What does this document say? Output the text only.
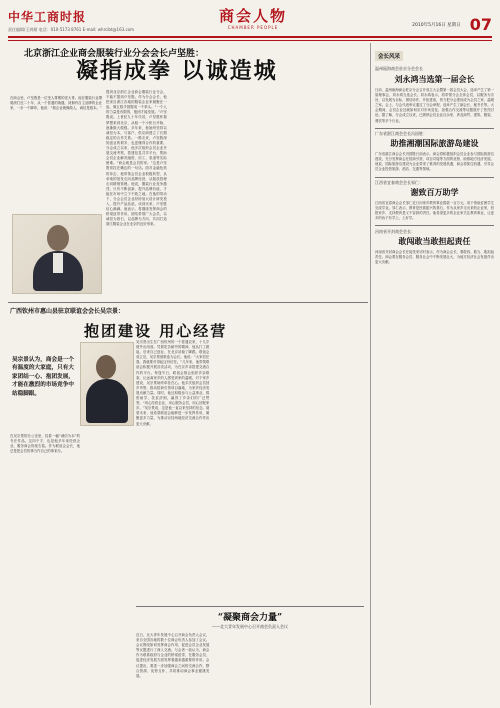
中华工商时报
责任编辑/王鸿雁 电话：010-5173 8761 E-mail: whrcibt@163.com
商会人物
CHAMBER PEOPLE	2010年5月16日 星期日 07
北京浙江企业商会服装行业分会会长卢坚胜：
凝指成拳 以诚造城

在商会里，卢坚胜是一位受人尊敬的老大哥。他在服装行业摸爬滚打近二十年，从一个普通的裁缝，到拥有自主品牌的企业家，一步一个脚印。他说：“做企业就像做人，诚信是根本。”

提到北京浙江企业商会服装行业分会，不能不提到卢坚胜。作为分会会长，他把来自浙江各地的服装企业家凝聚在一起，像五根手指握成一个拳头。“一个人的力量是有限的，抱团才能发展。”卢坚胜说。上世纪九十年代初，卢坚胜怀揣梦想来到北京，从租一个小柜台开始，逐渐做大做强。多年来，他始终坚持以诚信为本，与客户、供应商建立了长期稳定的合作关系。一路走来，卢坚胜深知创业的艰辛，也更懂得合作的重要。分会成立以来，他多次组织会员企业开展交流考察，搭建信息共享平台，帮助会员企业解决融资、用工、渠道等实际困难。“商会就是会员的家。”这是卢坚胜常挂在嘴边的一句话。面对金融危机的冲击，他带领会员企业积极转型，从单纯的批发走向品牌经营，从粗放管理走向精细管理。他说，服装行业竞争激烈，只有不断创新、提升品牌价值，才能在市场中立于不败之地。在他的带动下，分会会员企业纷纷加大设计研发投入，提升产品品质。谈到未来，卢坚胜信心满满。他表示，将继续发挥商会的桥梁纽带作用，团结带领广大会员，以诚信为基石，以品牌为方向，共同打造浙江服装企业在北京的良好形象。

广西钦州市惠山县驻京联谊会会长吴宗景：
抱团建设 用心经营
吴宗景认为，商会是一个有温度的大家庭，只有大家团结一心、抱团发展，才能在激烈的市场竞争中站稳脚跟。

在吴宗景的办公室里，挂着一幅“诚信为本”的书法作品。这四个字，也是他多年来经营企业、服务商会的座右铭。作为联谊会会长，他总是把会员的事当作自己的事来办。

吴宗景出生在广西钦州的一个普通农家，十几岁便外出闯荡。凭着吃苦耐劳的精神，他从打工做起，后来自己创业，在北京站稳了脚跟。联谊会成立后，吴宗景被推选为会长。他说：“大家信任我，我就要对得起这份信任。”几年来，他带领联谊会积极开展各类活动，为在京乡亲搭建交流合作的平台。每逢节日，联谊会都会组织乡亲联欢，让远离家乡的人感受到家的温暖。对于家乡建设，吴宗景始终牵挂在心。他多次组织会员回乡考察，推动招商引资项目落地，为家乡经济发展贡献力量。同时，他还积极参与公益事业，捐资助学、扶贫济困，赢得了乡亲们的广泛赞誉。“用心经营企业，用心服务会员，用心回报家乡。”吴宗景说，这是他一直以来坚持的信念。展望未来，他希望联谊会能够进一步发挥作用，凝聚更多力量，为推动京桂两地经济交流合作作出更大贡献。

“凝聚商会力量”
——北大青年发展中心召开商会负责人会议

近日，北大青年发展中心召开商会负责人会议，来自全国各地的数十位商会负责人参加了会议。会议围绕如何发挥商会作用、促进会员企业发展等议题进行了深入交流。与会者一致认为，商会作为联系政府与企业的桥梁纽带，在服务会员、促进经济发展方面发挥着越来越重要的作用。会议提出，要进一步加强商会之间的交流合作，整合资源、优势互补，共同推动商会事业健康发展。

会长风采
温州瓯海商会驻京分会会长
刘永鸿当选第一届会长

日前，温州瓯海商会驻京分会召开成立大会暨第一届会员大会，选举产生了第一届理事会，刘永鸿当选会长。刘永鸿表示，将带领分会全体会员，以服务为宗旨，以发展为目标，团结协作，开拓进取，努力把分会建设成为会员之家、温暖之家。会上，与会代表审议通过了分会章程，选举产生了副会长、秘书长等。大会期间，会员企业还就如何应对市场变化、加强合作交流等话题展开了热烈讨论。据了解，分会成立以来，已吸纳会员企业百余家，涉及商贸、建筑、服装、餐饮等多个行业。

广东省湛江商会会长冯国胜：
助推湘潮国际旅游岛建设

广东省湛江商会会长冯国胜日前表示，商会将积极组织会员企业参与国际旅游岛建设，充分发挥商会在招商引资、项目对接等方面的优势，助推地方经济发展。他说，国际旅游岛建设为企业带来了难得的发展机遇，商会将抓住机遇，引导会员企业投资旅游、酒店、交通等领域。

江西省宜春商会会长邹仁：
谢致百万助学

江西省宜春商会会长邹仁近日向家乡教育事业捐款一百万元，用于资助贫困学生完成学业。邹仁表示，教育是民族振兴的基石，作为从家乡走出来的企业家，回报家乡、支持教育是义不容辞的责任。他希望更多的企业家关注教育事业，让更多的孩子有学上、上好学。

河南省开封商会会长：
敢闯敢当敢担起责任

河南省开封商会会长在接受采访时表示，作为商会会长，要敢闯、敢当、敢担起责任。商会要在服务会员、服务社会中不断发展壮大，为地方经济社会发展作出更大贡献。
